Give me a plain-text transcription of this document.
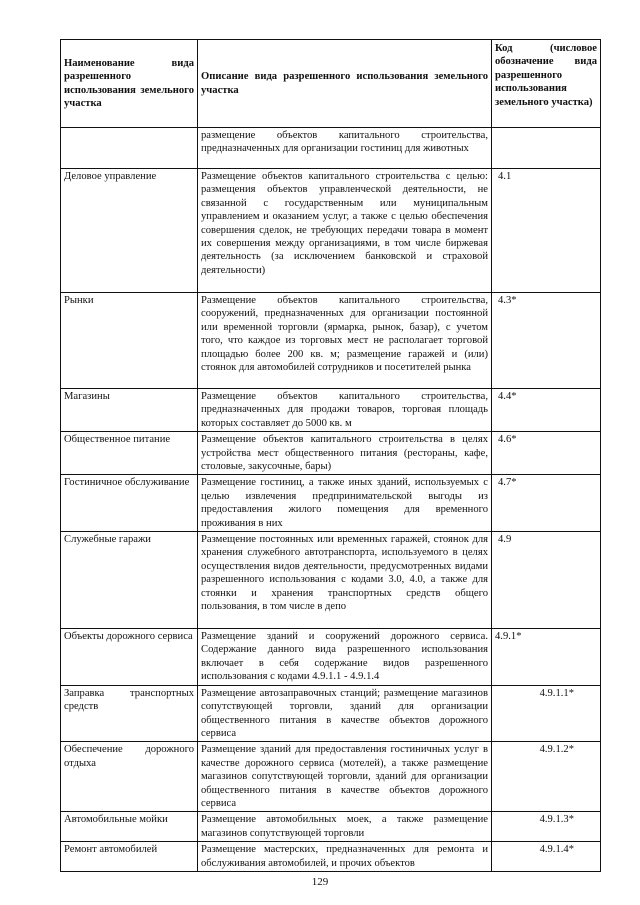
Наименование вида разрешенного использования земельного участка	Описание вида разрешенного использования земельного участка	Код (числовое обозначение вида разрешенного использования земельного участка)
	размещение объектов капитального строительства, предназначенных для организации гостиниц для животных	
Деловое управление	Размещение объектов капитального строительства с целью: размещения объектов управленческой деятельности, не связанной с государственным или муниципальным управлением и оказанием услуг, а также с целью обеспечения совершения сделок, не требующих передачи товара в момент их совершения между организациями, в том числе биржевая деятельность (за исключением банковской и страховой деятельности)	4.1
Рынки	Размещение объектов капитального строительства, сооружений, предназначенных для организации постоянной или временной торговли (ярмарка, рынок, базар), с учетом того, что каждое из торговых мест не располагает торговой площадью более 200 кв. м; размещение гаражей и (или) стоянок для автомобилей сотрудников и посетителей рынка	4.3*
Магазины	Размещение объектов капитального строительства, предназначенных для продажи товаров, торговая площадь которых составляет до 5000 кв. м	4.4*
Общественное питание	Размещение объектов капитального строительства в целях устройства мест общественного питания (рестораны, кафе, столовые, закусочные, бары)	4.6*
Гостиничное обслуживание	Размещение гостиниц, а также иных зданий, используемых с целью извлечения предпринимательской выгоды из предоставления жилого помещения для временного проживания в них	4.7*
Служебные гаражи	Размещение постоянных или временных гаражей, стоянок для хранения служебного автотранспорта, используемого в целях осуществления видов деятельности, предусмотренных видами разрешенного использования с кодами 3.0, 4.0, а также для стоянки и хранения транспортных средств общего пользования, в том числе в депо	4.9
Объекты дорожного сервиса	Размещение зданий и сооружений дорожного сервиса. Содержание данного вида разрешенного использования включает в себя содержание видов разрешенного использования с кодами 4.9.1.1 - 4.9.1.4	4.9.1*
Заправка транспортных средств	Размещение автозаправочных станций; размещение магазинов сопутствующей торговли, зданий для организации общественного питания в качестве объектов дорожного сервиса	4.9.1.1*
Обеспечение дорожного отдыха	Размещение зданий для предоставления гостиничных услуг в качестве дорожного сервиса (мотелей), а также размещение магазинов сопутствующей торговли, зданий для организации общественного питания в качестве объектов дорожного сервиса	4.9.1.2*
Автомобильные мойки	Размещение автомобильных моек, а также размещение магазинов сопутствующей торговли	4.9.1.3*
Ремонт автомобилей	Размещение мастерских, предназначенных для ремонта и обслуживания автомобилей, и прочих объектов	4.9.1.4*
129
